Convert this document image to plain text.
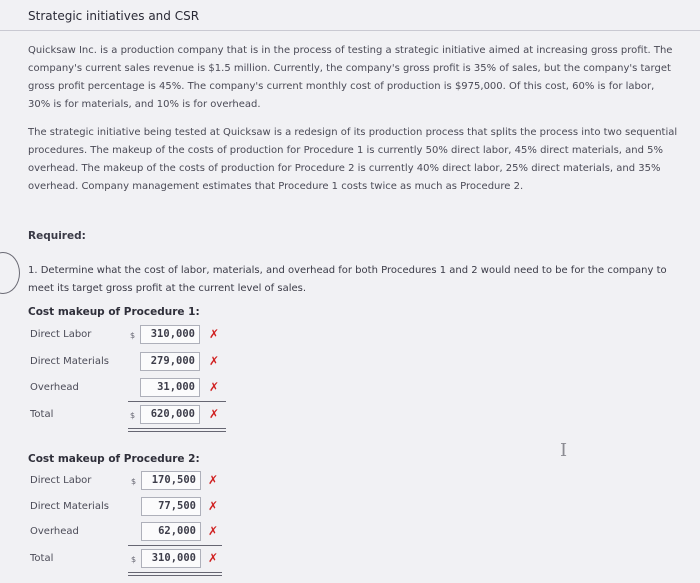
Strategic initiatives and CSR

Quicksaw Inc. is a production company that is in the process of testing a strategic initiative aimed at increasing gross profit. The company's current sales revenue is $1.5 million. Currently, the company's gross profit is 35% of sales, but the company's target gross profit percentage is 45%. The company's current monthly cost of production is $975,000. Of this cost, 60% is for labor, 30% is for materials, and 10% is for overhead.

The strategic initiative being tested at Quicksaw is a redesign of its production process that splits the process into two sequential procedures. The makeup of the costs of production for Procedure 1 is currently 50% direct labor, 45% direct materials, and 5% overhead. The makeup of the costs of production for Procedure 2 is currently 40% direct labor, 25% direct materials, and 35% overhead. Company management estimates that Procedure 1 costs twice as much as Procedure 2.

Required:
1. Determine what the cost of labor, materials, and overhead for both Procedures 1 and 2 would need to be for the company to meet its target gross profit at the current level of sales.
Cost makeup of Procedure 1:
Direct Labor	$	310,000	✗
Direct Materials	279,000	✗
Overhead	31,000	✗
Total	$	620,000	✗
Cost makeup of Procedure 2:
Direct Labor	$	170,500	✗
Direct Materials	77,500	✗
Overhead	62,000	✗
Total	$	310,000	✗
I
